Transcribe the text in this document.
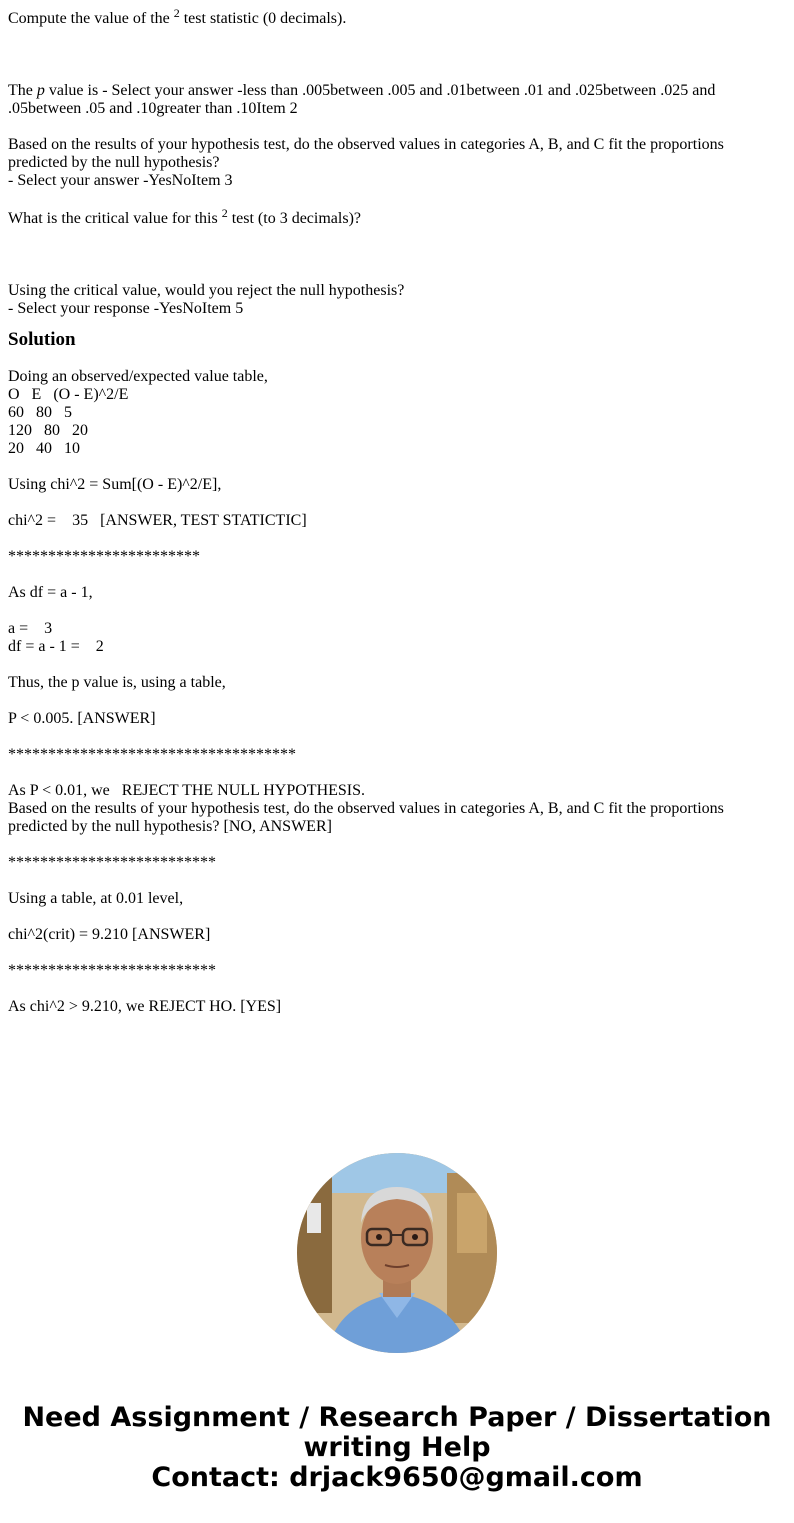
Compute the value of the $^2$ test statistic (0 decimals).

The p value is - Select your answer -less than .005between .005 and .01between .01 and .025between .025 and .05between .05 and .10greater than .10Item 2

Based on the results of your hypothesis test, do the observed values in categories A, B, and C fit the proportions predicted by the null hypothesis?

- Select your answer -YesNoItem 3

What is the critical value for this $^2$ test (to 3 decimals)?

Using the critical value, would you reject the null hypothesis?

- Select your response -YesNoItem 5

Solution

Doing an observed/expected value table,

O   E   (O - E)^2/E

60   80   5

120   80   20

20   40   10

Using chi^2 = Sum[(O - E)^2/E],

chi^2 =    35   [ANSWER, TEST STATICTIC]

************************

As df = a - 1,

a =    3

df = a - 1 =    2

Thus, the p value is, using a table,

P < 0.005. [ANSWER]

************************************

As P < 0.01, we   REJECT THE NULL HYPOTHESIS.

Based on the results of your hypothesis test, do the observed values in categories A, B, and C fit the proportions predicted by the null hypothesis? [NO, ANSWER]

**************************

Using a table, at 0.01 level,

chi^2(crit) = 9.210 [ANSWER]

**************************

As chi^2 > 9.210, we REJECT HO. [YES]

Need Assignment / Research Paper / Dissertation writing Help
Contact: drjack9650@gmail.com
